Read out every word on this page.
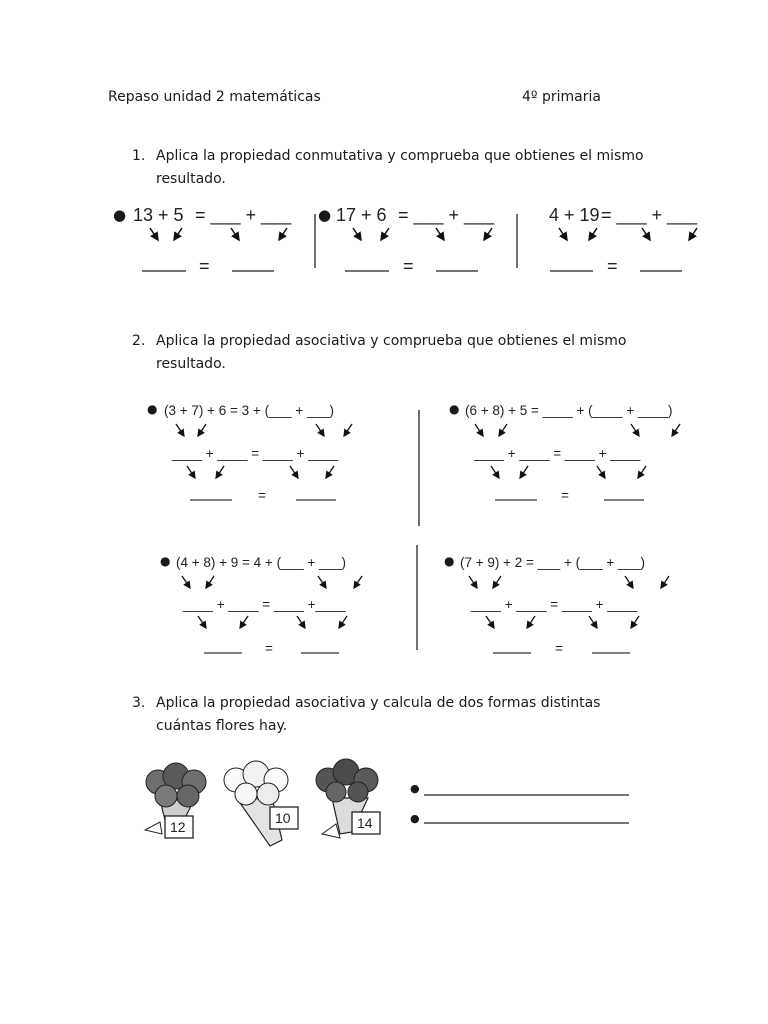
Repaso unidad 2 matemáticas	4º primaria
1. Aplica la propiedad conmutativa y comprueba que obtienes el mismo resultado.
● 13 + 5 = ___ + ___ ● 17 + 6 = ___ + ___	4 + 19 = ___ + ___
=	=	=
2. Aplica la propiedad asociativa y comprueba que obtienes el mismo resultado.
● (3 + 7) + 6 = 3 + (___ + ___)
____ + ____ = ____ + ____
=
● (6 + 8) + 5 = ____ + (____ + ____)
____ + ____ = ____ + ____
=
● (4 + 8) + 9 = 4 + (___ + ___)
____ + ____ = ____ +____
=
● (7 + 9) + 2 = ___ + (___ + ___)
____ + ____ = ____ + ____
=
3. Aplica la propiedad asociativa y calcula de dos formas distintas cuántas flores hay.
●
●
12
10	14
